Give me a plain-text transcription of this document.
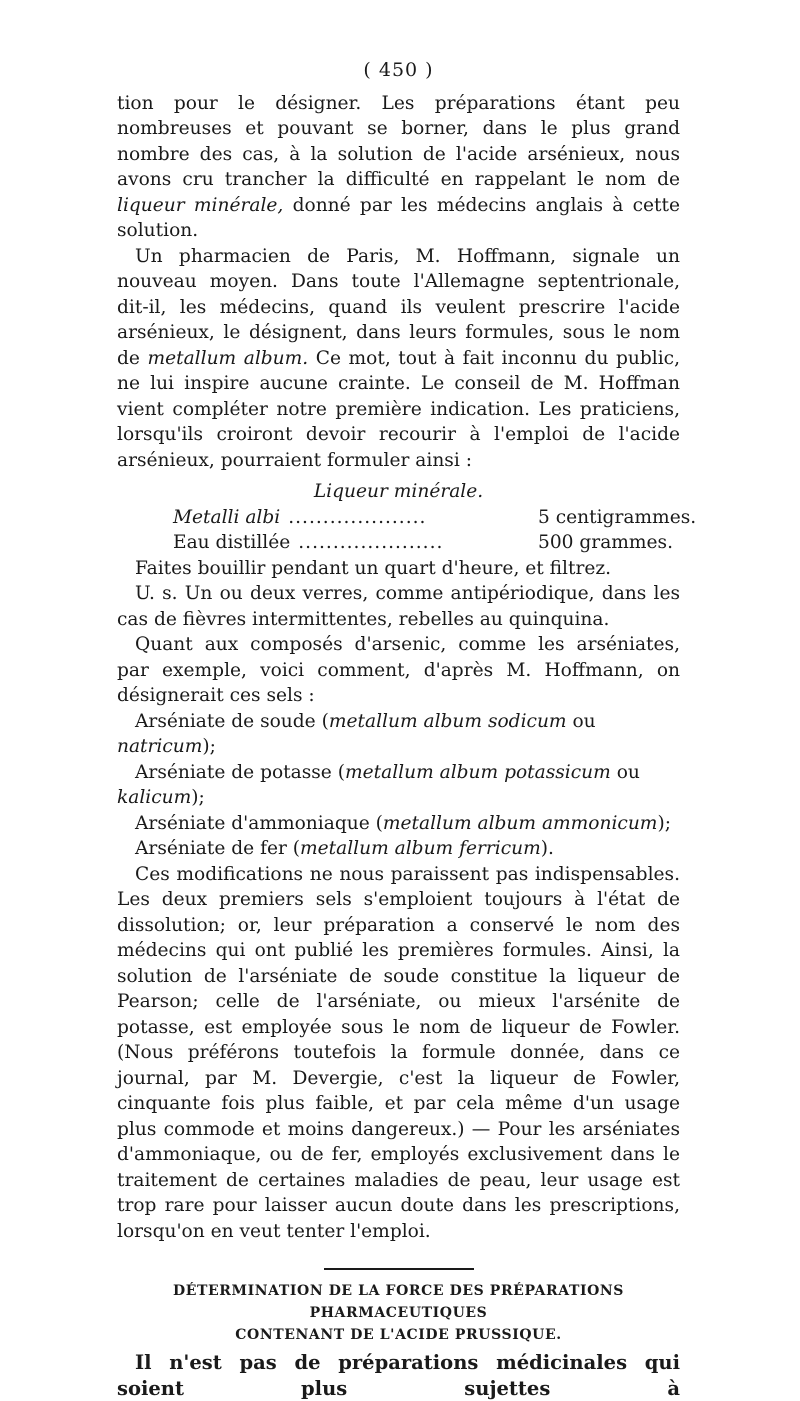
( 450 )

tion pour le désigner. Les préparations étant peu nombreuses et pouvant se borner, dans le plus grand nombre des cas, à la solution de l'acide arsénieux, nous avons cru trancher la difficulté en rappelant le nom de liqueur minérale, donné par les médecins anglais à cette solution.

Un pharmacien de Paris, M. Hoffmann, signale un nouveau moyen. Dans toute l'Allemagne septentrionale, dit-il, les médecins, quand ils veulent prescrire l'acide arsénieux, le désignent, dans leurs formules, sous le nom de metallum album. Ce mot, tout à fait inconnu du public, ne lui inspire aucune crainte. Le conseil de M. Hoffman vient compléter notre première indication. Les praticiens, lorsqu'ils croiront devoir recourir à l'emploi de l'acide arsénieux, pourraient formuler ainsi :

Liqueur minérale.
Metalli albi ....................	5 centigrammes.
Eau distillée .....................	500 grammes.

Faites bouillir pendant un quart d'heure, et filtrez.

U. s. Un ou deux verres, comme antipériodique, dans les cas de fièvres intermittentes, rebelles au quinquina.

Quant aux composés d'arsenic, comme les arséniates, par exemple, voici comment, d'après M. Hoffmann, on désignerait ces sels :

Arséniate de soude (metallum album sodicum ou natricum);
Arséniate de potasse (metallum album potassicum ou kalicum);
Arséniate d'ammoniaque (metallum album ammonicum);
Arséniate de fer (metallum album ferricum).

Ces modifications ne nous paraissent pas indispensables. Les deux premiers sels s'emploient toujours à l'état de dissolution; or, leur préparation a conservé le nom des médecins qui ont publié les premières formules. Ainsi, la solution de l'arséniate de soude constitue la liqueur de Pearson; celle de l'arséniate, ou mieux l'arsénite de potasse, est employée sous le nom de liqueur de Fowler. (Nous préférons toutefois la formule donnée, dans ce journal, par M. Devergie, c'est la liqueur de Fowler, cinquante fois plus faible, et par cela même d'un usage plus commode et moins dangereux.) — Pour les arséniates d'ammoniaque, ou de fer, employés exclusivement dans le traitement de certaines maladies de peau, leur usage est trop rare pour laisser aucun doute dans les prescriptions, lorsqu'on en veut tenter l'emploi.

DÉTERMINATION DE LA FORCE DES PRÉPARATIONS PHARMACEUTIQUES
CONTENANT DE L'ACIDE PRUSSIQUE.
Il n'est pas de préparations médicinales qui soient plus sujettes à
